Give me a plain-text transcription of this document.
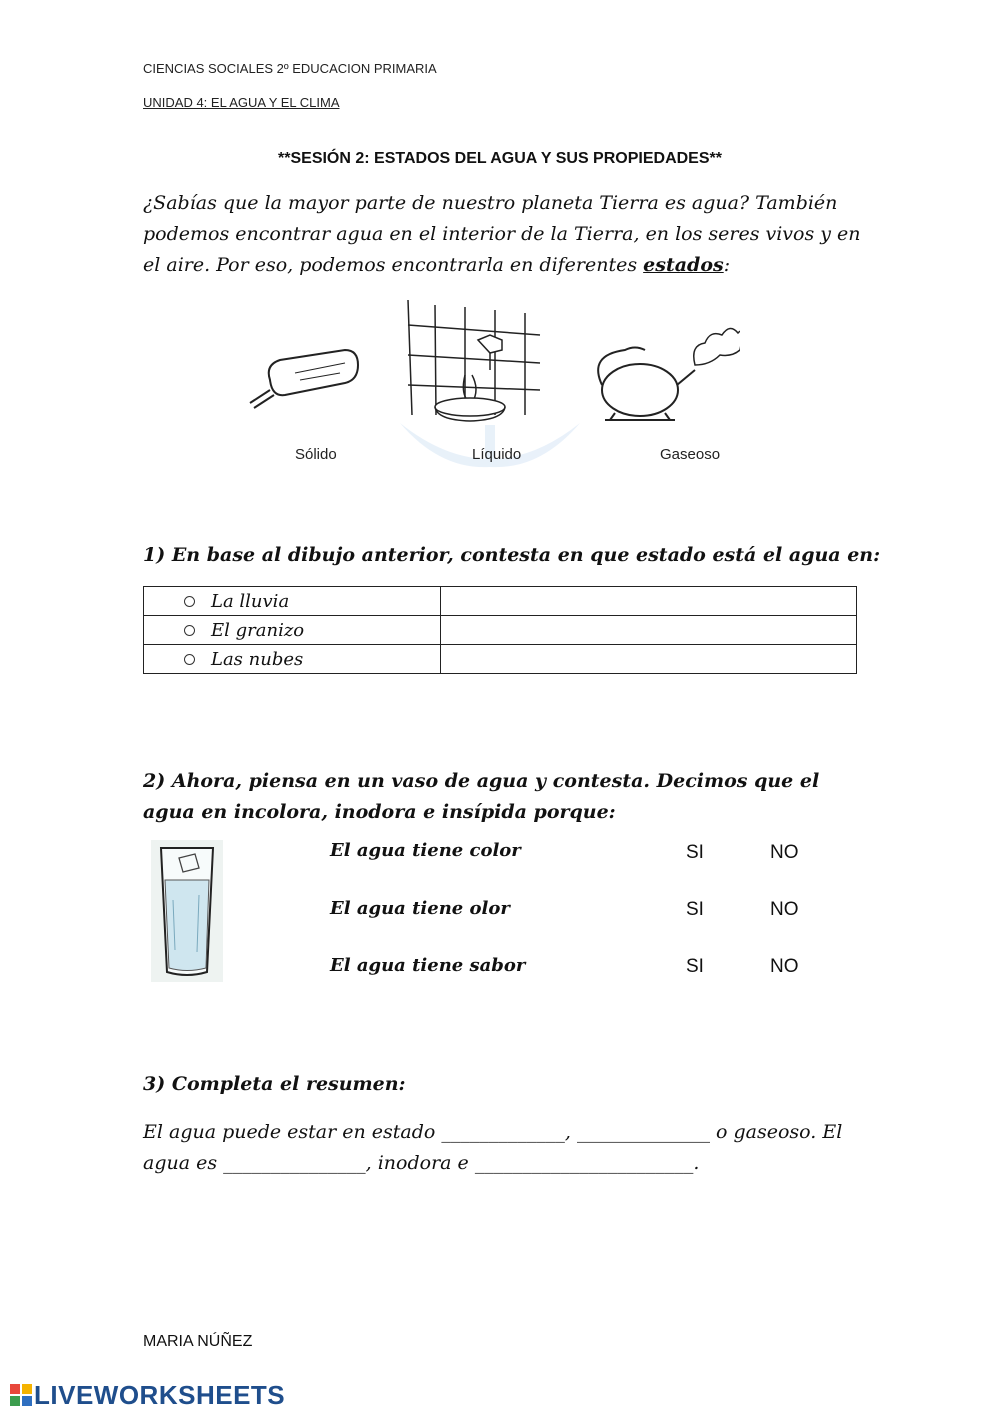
CIENCIAS SOCIALES 2º EDUCACION PRIMARIA
UNIDAD 4: EL AGUA Y EL CLIMA
**SESIÓN 2: ESTADOS DEL AGUA Y SUS PROPIEDADES**
¿Sabías que la mayor parte de nuestro planeta Tierra es agua? También podemos encontrar agua en el interior de la Tierra, en los seres vivos y en el aire. Por eso, podemos encontrarla en diferentes estados:
Sólido	Líquido	Gaseoso
1) En base al dibujo anterior, contesta en que estado está el agua en:
La lluvia	
El granizo	
Las nubes	
2) Ahora, piensa en un vaso de agua y contesta. Decimos que el agua en incolora, inodora e insípida porque:
El agua tiene color	SI	NO
El agua tiene olor	SI	NO
El agua tiene sabor	SI	NO
3) Completa el resumen:
El agua puede estar en estado _____________, ______________ o gaseoso. El
agua es _______________, inodora e _______________________.
MARIA NÚÑEZ
LIVEWORKSHEETS
